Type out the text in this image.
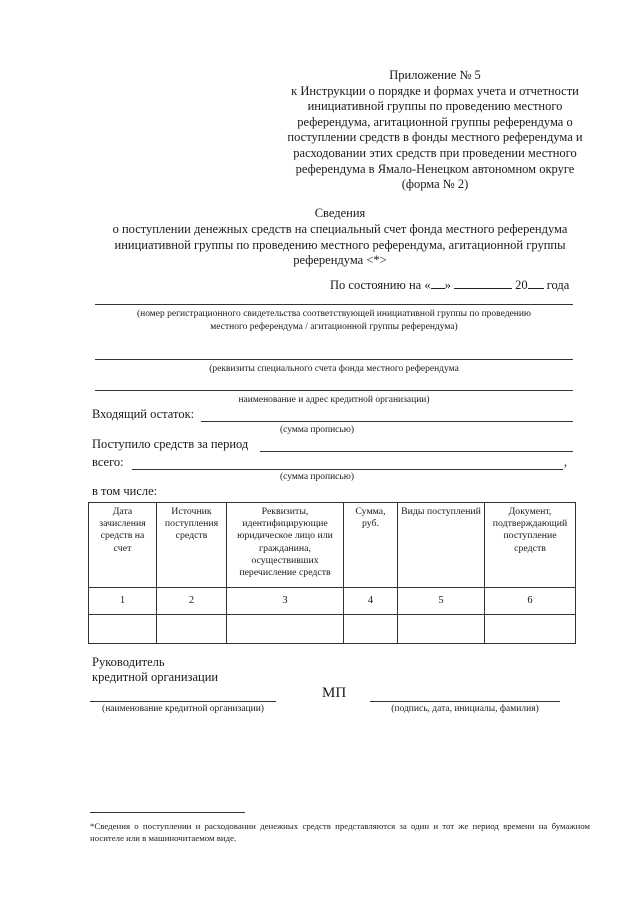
Приложение № 5
к Инструкции о порядке и формах учета и отчетности
инициативной группы по проведению местного
референдума, агитационной группы референдума о
поступлении средств в фонды местного референдума и
расходовании этих средств при проведении местного
референдума в Ямало-Ненецком автономном округе
(форма № 2)
Сведения
о поступлении денежных средств на специальный счет фонда местного референдума
инициативной группы по проведению местного референдума, агитационной группы
референдума <*>
По состоянию на « »	20 года
(номер регистрационного свидетельства соответствующей инициативной группы по проведению
местного референдума / агитационной группы референдума)
(реквизиты специального счета фонда местного референдума
наименование и адрес кредитной организации)
Входящий остаток:
(сумма прописью)
Поступило средств за период
всего:	,
(сумма прописью)
в том числе:
Дата зачисления средств на счет	Источник поступления средств	Реквизиты, идентифицирующие юридическое лицо или гражданина, осуществивших перечисление средств	Сумма, руб.	Виды поступлений	Документ, подтверждающий поступление средств
1	2	3	4	5	6

Руководитель
кредитной организации
(наименование кредитной организации)
МП
(подпись, дата, инициалы, фамилия)
*Сведения о поступлении и расходовании денежных средств представляются за один и тот же период времени на бумажном носителе или в машиночитаемом виде.
